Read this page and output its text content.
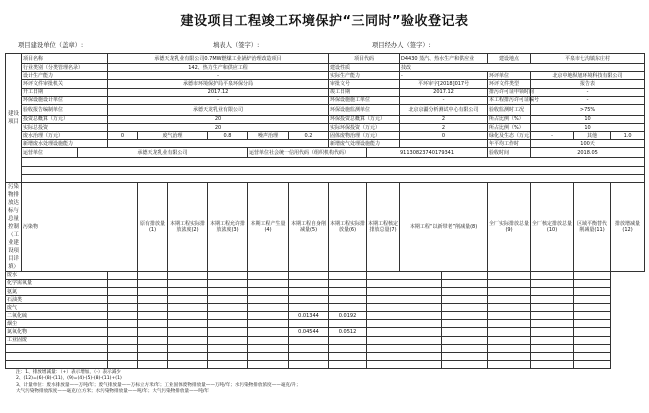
建设项目工程竣工环境保护“三同时”验收登记表
项目建设单位（盖章）:	填表人（签字）:	项目经办人（签字）:
建设项目	项目名称		承德天龙乳业有限公司0.7MW燃煤工业锅炉治理改造项目						项目代码		D4430 蒸汽、热水生产和供应业		建设地点	平泉市七沟镇东庄村		
	行业类别（分类管理名录）		142、热力生产和供应工程						建设性质		技改					
	设计生产能力		-						实际生产能力		-		环评单位	北京中地纵旭环境科技有限公司		
	环评文件审批机关		承德市环境保护局平泉环保分局						审批文号		平环审字[2018]017号		环评文件类型	报告表		
	开工日期		2017.12						竣工日期		2017.12		排污许可证申领时间	-		
	环保设施设计单位		-						环保设施施工单位		-		本工程排污许可证编号	-		
	验收报告编制单位		承德天龙乳业有限公司						环保设施监测单位		北京京疆分析测试中心有限公司		验收监测时工况	>75%		
	投资总概算（万元）		20						环保投资总概算（万元）		2		所占比例（%）	10		
	实际总投资		20						实际环保投资（万元）		2		所占比例（%）	10		
	废水治理（万元）		0	废气治理		0.8	噪声治理	0.2	固体废物治理（万元）		0		绿化及生态（万元）	-	其他	1.0
	新增废水处理设施能力								新增废气处理设施能力				年平均工作时	100天		
	运营单位	承德天龙乳业有限公司					运营单位社会统一信用代码（组织机构代码）			91130823740179341			验收时间	2018.05		

污染物排放达标与总量控制（工业建设项目详填）	污染物			原有排放量(1)	本期工程实际排放浓度(2)	本期工程允许排放浓度(3)	本期工程产生量(4)	本期工程自身削减量(5)	本期工程实际排放量(6)	本期工程核定排放总量(7)	本期工程“以新带老”削减量(8)		全厂实际排放总量(9)	全厂核定排放总量(10)	区域平衡替代削减量(11)	排放增减量(12)
废水																
化学需氧量																
氨氮																
石油类																
废气																
二氧化硫								0.01344	0.0192							
烟尘																
氮氧化物								0.04544	0.0512							
工业固废																

注：1、排放增减量：（+）表示增加，（-）表示减少
2、(12)=(6)-(8)-(11)，(9)=(4)-(5)-(8)-(11)+(1)
3、计量单位：废水排放量——万吨/年；废气排放量——万标立方米/年；工业固体废物排放量——万吨/年；水污染物排放浓度——毫克/升；
大气污染物排放浓度——毫克/立方米；水污染物排放量——吨/年；大气污染物排放量——吨/年
